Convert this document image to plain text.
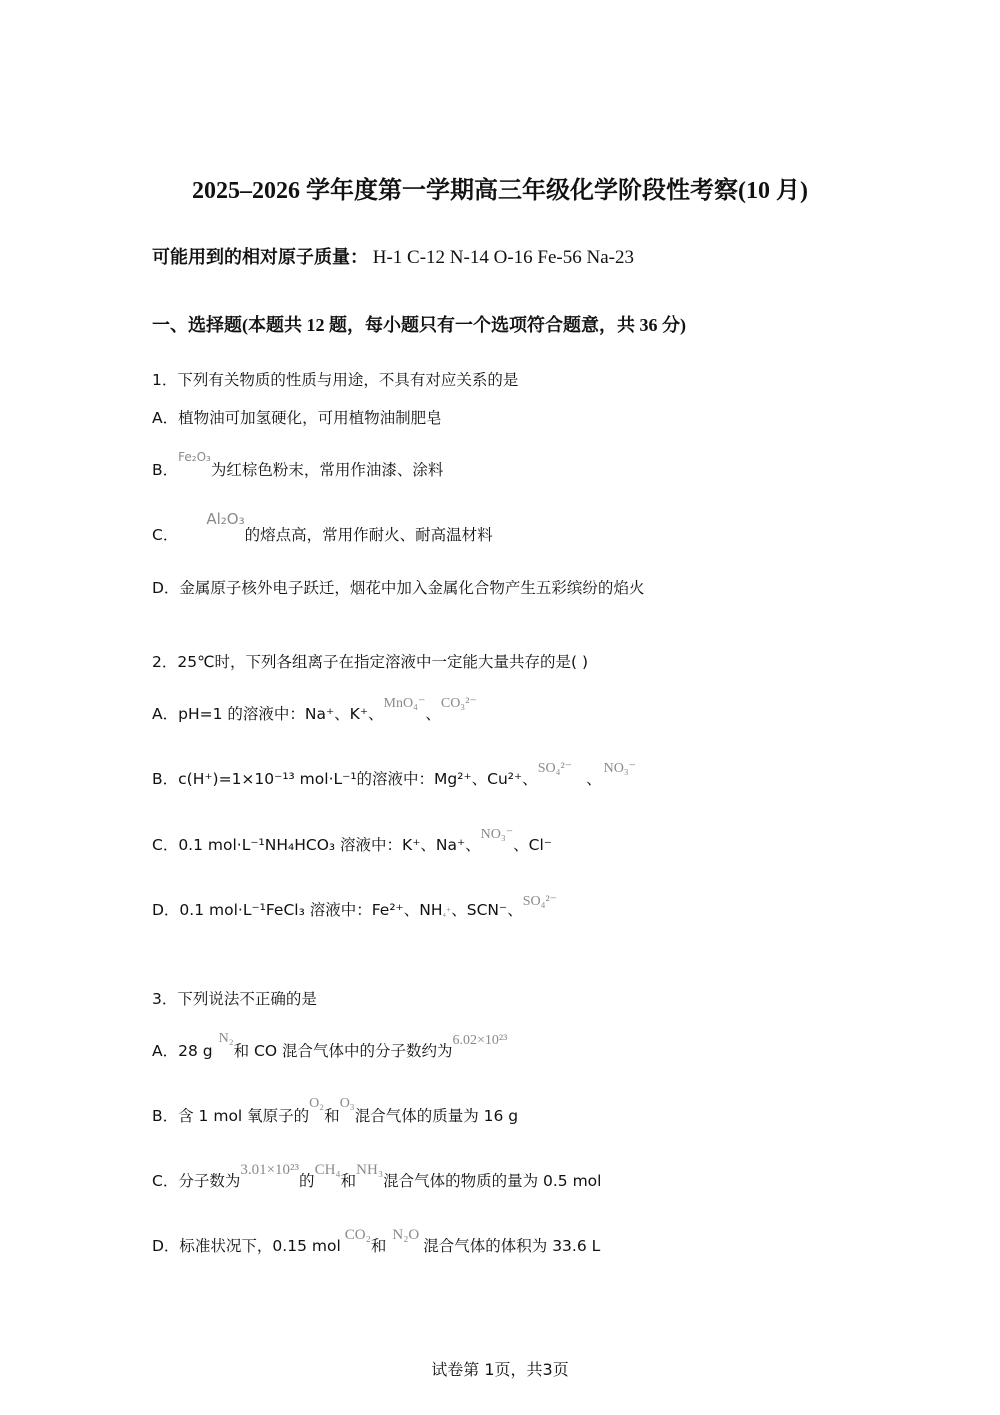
2025–2026 学年度第一学期高三年级化学阶段性考察(10 月)
可能用到的相对原子质量： H-1 C-12 N-14 O-16 Fe-56 Na-23
一、选择题(本题共 12 题，每小题只有一个选项符合题意，共 36 分)
1．下列有关物质的性质与用途，不具有对应关系的是
A．植物油可加氢硬化，可用植物油制肥皂
B．$^{Fe_2O_3}$为红棕色粉末，常用作油漆、涂料
C．Al₂O₃的熔点高，常用作耐火、耐高温材料
D．金属原子核外电子跃迁，烟花中加入金属化合物产生五彩缤纷的焰火
2．25℃时，下列各组离子在指定溶液中一定能大量共存的是( )
A．pH=1 的溶液中：Na⁺、K⁺、MnO₄⁻、CO₃²⁻
B．c(H⁺)=1×10⁻¹³ mol·L⁻¹的溶液中：Mg²⁺、Cu²⁺、SO₄²⁻、NO₃⁻
C．0.1 mol·L⁻¹NH₄HCO₃ 溶液中：K⁺、Na⁺、NO₃⁻、Cl⁻
D．0.1 mol·L⁻¹FeCl₃ 溶液中：Fe²⁺、NH₄⁺、SCN⁻、SO₄²⁻
3．下列说法不正确的是
A．28 gN₂和 CO 混合气体中的分子数约为6.02×10²³
B．含 1 mol 氧原子的O₂和O₃混合气体的质量为 16 g
C．分子数为3.01×10²³的CH₄和NH₃混合气体的物质的量为 0.5 mol
D．标准状况下，0.15 molCO₂和N₂O混合气体的体积为 33.6 L
试卷第 1页，共3页
